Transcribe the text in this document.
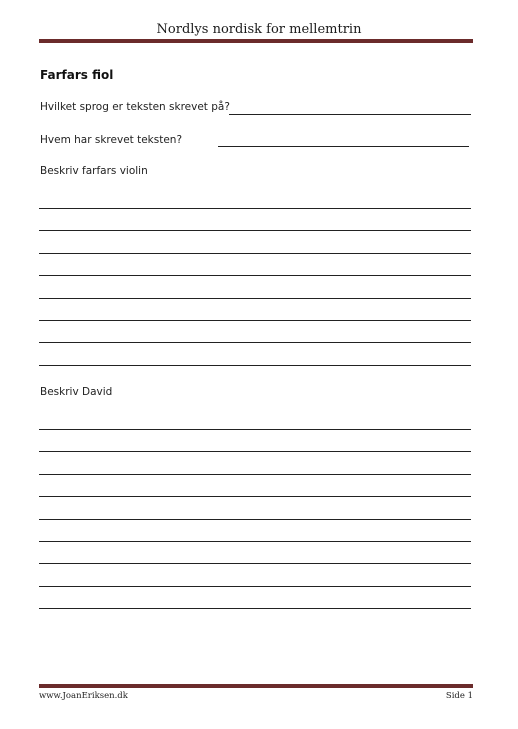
Nordlys nordisk for mellemtrin
Farfars fiol
Hvilket sprog er teksten skrevet på?
Hvem har skrevet teksten?
Beskriv farfars violin
Beskriv David
www.JoanEriksen.dk	Side 1
